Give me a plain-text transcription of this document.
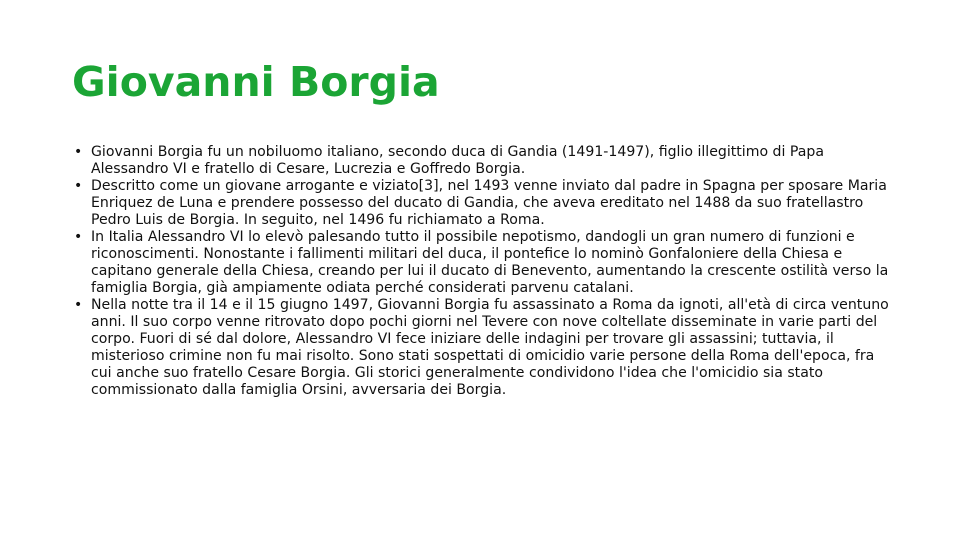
Giovanni Borgia
• Giovanni Borgia fu un nobiluomo italiano, secondo duca di Gandia (1491-1497), figlio illegittimo di Papa Alessandro VI e fratello di Cesare, Lucrezia e Goffredo Borgia.
• Descritto come un giovane arrogante e viziato[3], nel 1493 venne inviato dal padre in Spagna per sposare Maria Enriquez de Luna e prendere possesso del ducato di Gandia, che aveva ereditato nel 1488 da suo fratellastro Pedro Luis de Borgia. In seguito, nel 1496 fu richiamato a Roma.
• In Italia Alessandro VI lo elevò palesando tutto il possibile nepotismo, dandogli un gran numero di funzioni e riconoscimenti. Nonostante i fallimenti militari del duca, il pontefice lo nominò Gonfaloniere della Chiesa e capitano generale della Chiesa, creando per lui il ducato di Benevento, aumentando la crescente ostilità verso la famiglia Borgia, già ampiamente odiata perché considerati parvenu catalani.
• Nella notte tra il 14 e il 15 giugno 1497, Giovanni Borgia fu assassinato a Roma da ignoti, all'età di circa ventuno anni. Il suo corpo venne ritrovato dopo pochi giorni nel Tevere con nove coltellate disseminate in varie parti del corpo. Fuori di sé dal dolore, Alessandro VI fece iniziare delle indagini per trovare gli assassini; tuttavia, il misterioso crimine non fu mai risolto. Sono stati sospettati di omicidio varie persone della Roma dell'epoca, fra cui anche suo fratello Cesare Borgia. Gli storici generalmente condividono l'idea che l'omicidio sia stato commissionato dalla famiglia Orsini, avversaria dei Borgia.
